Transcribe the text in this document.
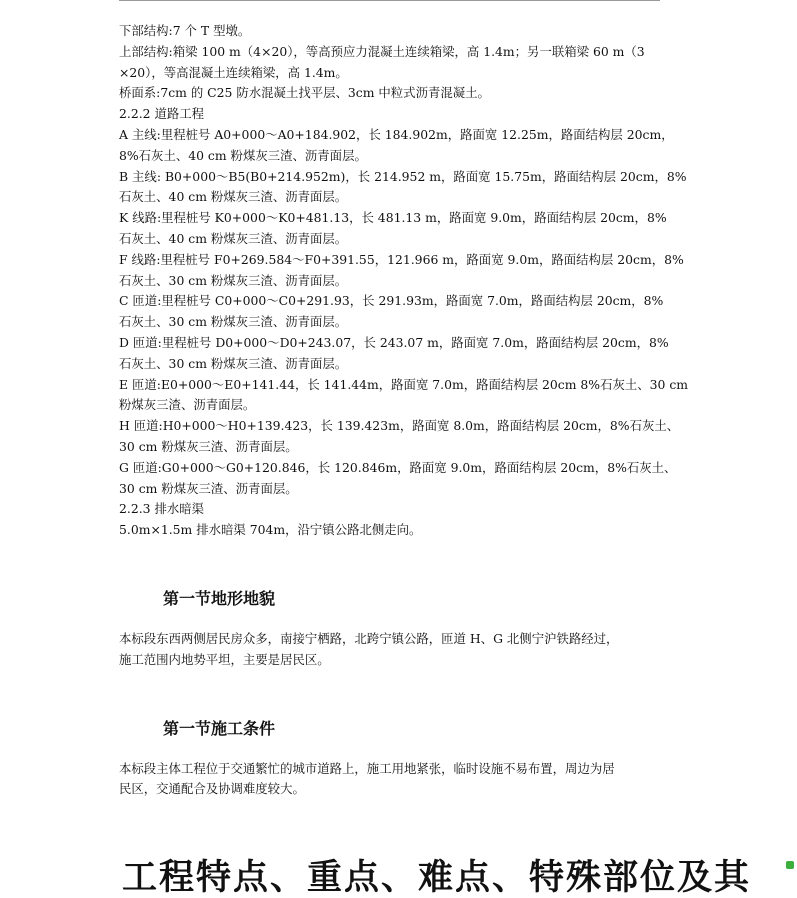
下部结构:7 个 T 型墩。

上部结构:箱梁 100 m（4×20），等高预应力混凝土连续箱梁，高 1.4m；另一联箱梁 60 m（3

×20），等高混凝土连续箱梁，高 1.4m。

桥面系:7cm 的 C25 防水混凝土找平层、3cm 中粒式沥青混凝土。

2.2.2 道路工程

A 主线:里程桩号 A0+000～A0+184.902，长 184.902m，路面宽 12.25m，路面结构层 20cm，

8%石灰土、40 cm 粉煤灰三渣、沥青面层。

B 主线: B0+000～B5(B0+214.952m)，长 214.952 m，路面宽 15.75m，路面结构层 20cm，8%

石灰土、40 cm 粉煤灰三渣、沥青面层。

K 线路:里程桩号 K0+000～K0+481.13，长 481.13 m，路面宽 9.0m，路面结构层 20cm，8%

石灰土、40 cm 粉煤灰三渣、沥青面层。

F 线路:里程桩号 F0+269.584～F0+391.55，121.966 m，路面宽 9.0m，路面结构层 20cm，8%

石灰土、30 cm 粉煤灰三渣、沥青面层。

C 匝道:里程桩号 C0+000～C0+291.93，长 291.93m，路面宽 7.0m，路面结构层 20cm，8%

石灰土、30 cm 粉煤灰三渣、沥青面层。

D 匝道:里程桩号 D0+000～D0+243.07，长 243.07 m，路面宽 7.0m，路面结构层 20cm，8%

石灰土、30 cm 粉煤灰三渣、沥青面层。

E 匝道:E0+000～E0+141.44，长 141.44m，路面宽 7.0m，路面结构层 20cm 8%石灰土、30 cm

粉煤灰三渣、沥青面层。

H 匝道:H0+000～H0+139.423，长 139.423m，路面宽 8.0m，路面结构层 20cm，8%石灰土、

30 cm 粉煤灰三渣、沥青面层。

G 匝道:G0+000～G0+120.846，长 120.846m，路面宽 9.0m，路面结构层 20cm，8%石灰土、

30 cm 粉煤灰三渣、沥青面层。

2.2.3 排水暗渠

5.0m×1.5m 排水暗渠 704m，沿宁镇公路北侧走向。

第一节地形地貌

本标段东西两侧居民房众多，南接宁栖路，北跨宁镇公路，匝道 H、G 北侧宁沪铁路经过，

施工范围内地势平坦，主要是居民区。

第一节施工条件

本标段主体工程位于交通繁忙的城市道路上，施工用地紧张，临时设施不易布置，周边为居

民区，交通配合及协调难度较大。

工程特点、重点、难点、特殊部位及其
